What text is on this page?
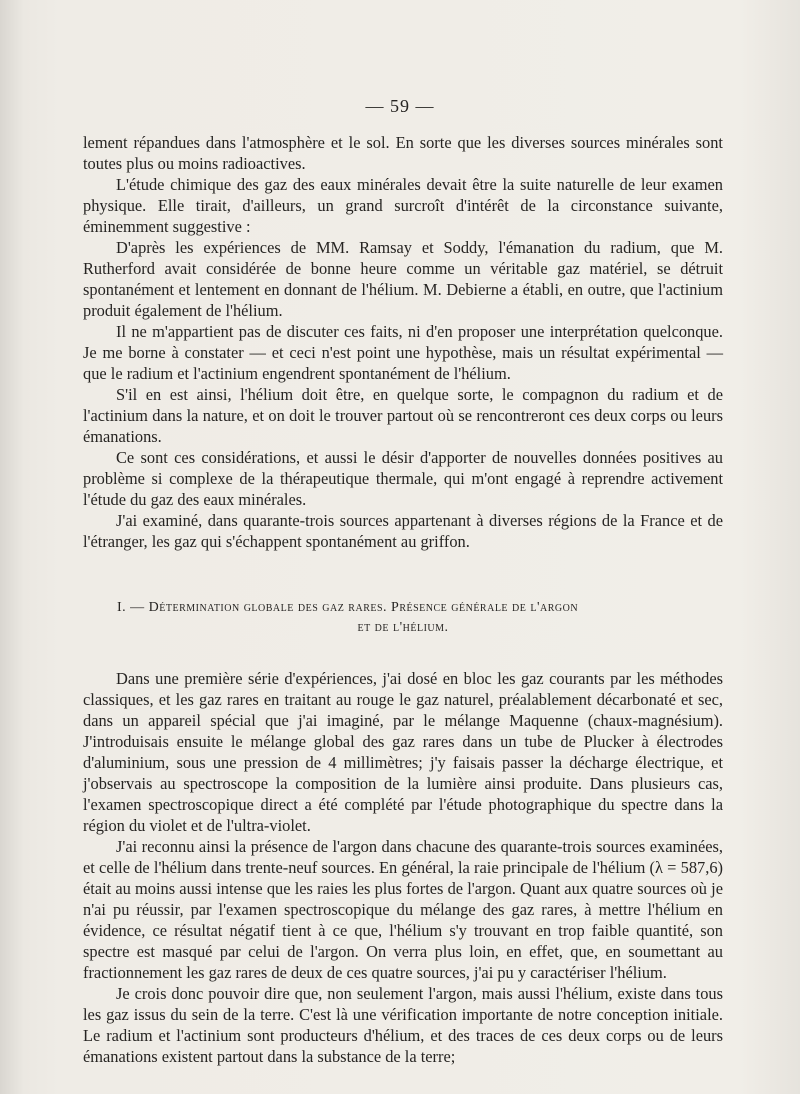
— 59 —

lement répandues dans l'atmosphère et le sol. En sorte que les diverses sources minérales sont toutes plus ou moins radioactives.

L'étude chimique des gaz des eaux minérales devait être la suite naturelle de leur examen physique. Elle tirait, d'ailleurs, un grand surcroît d'intérêt de la circonstance suivante, éminemment suggestive :

D'après les expériences de MM. Ramsay et Soddy, l'émanation du radium, que M. Rutherford avait considérée de bonne heure comme un véritable gaz matériel, se détruit spontanément et lentement en donnant de l'hélium. M. Debierne a établi, en outre, que l'actinium produit également de l'hélium.

Il ne m'appartient pas de discuter ces faits, ni d'en proposer une interprétation quelconque. Je me borne à constater — et ceci n'est point une hypothèse, mais un résultat expérimental — que le radium et l'actinium engendrent spontanément de l'hélium.

S'il en est ainsi, l'hélium doit être, en quelque sorte, le compagnon du radium et de l'actinium dans la nature, et on doit le trouver partout où se rencontreront ces deux corps ou leurs émanations.

Ce sont ces considérations, et aussi le désir d'apporter de nouvelles données positives au problème si complexe de la thérapeutique thermale, qui m'ont engagé à reprendre activement l'étude du gaz des eaux minérales.

J'ai examiné, dans quarante-trois sources appartenant à diverses régions de la France et de l'étranger, les gaz qui s'échappent spontanément au griffon.

I. — Détermination globale des gaz rares. Présence générale de l'argon
et de l'hélium.

Dans une première série d'expériences, j'ai dosé en bloc les gaz courants par les méthodes classiques, et les gaz rares en traitant au rouge le gaz naturel, préalablement décarbonaté et sec, dans un appareil spécial que j'ai imaginé, par le mélange Maquenne (chaux-magnésium). J'introduisais ensuite le mélange global des gaz rares dans un tube de Plucker à électrodes d'aluminium, sous une pression de 4 millimètres; j'y faisais passer la décharge électrique, et j'observais au spectroscope la composition de la lumière ainsi produite. Dans plusieurs cas, l'examen spectroscopique direct a été complété par l'étude photographique du spectre dans la région du violet et de l'ultra-violet.

J'ai reconnu ainsi la présence de l'argon dans chacune des quarante-trois sources examinées, et celle de l'hélium dans trente-neuf sources. En général, la raie principale de l'hélium (λ = 587,6) était au moins aussi intense que les raies les plus fortes de l'argon. Quant aux quatre sources où je n'ai pu réussir, par l'examen spectroscopique du mélange des gaz rares, à mettre l'hélium en évidence, ce résultat négatif tient à ce que, l'hélium s'y trouvant en trop faible quantité, son spectre est masqué par celui de l'argon. On verra plus loin, en effet, que, en soumettant au fractionnement les gaz rares de deux de ces quatre sources, j'ai pu y caractériser l'hélium.

Je crois donc pouvoir dire que, non seulement l'argon, mais aussi l'hélium, existe dans tous les gaz issus du sein de la terre. C'est là une vérification importante de notre conception initiale. Le radium et l'actinium sont producteurs d'hélium, et des traces de ces deux corps ou de leurs émanations existent partout dans la substance de la terre;
